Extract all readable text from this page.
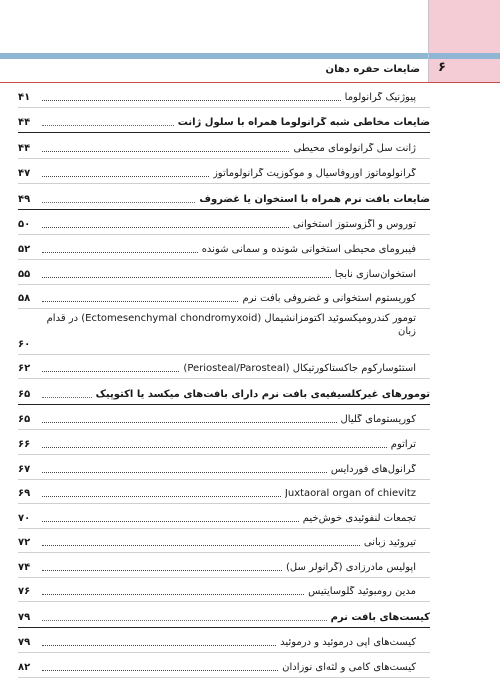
۶
ضایعات حفره دهان
پیوژنیک گرانولوما
۴۱
ضایعات مخاطی شبه گرانولوما همراه با سلول ژانت
۴۴
ژانت سل گرانولومای محیطی
۴۴
گرانولوماتوز اوروفاسیال و موکوزیت گرانولوماتوز
۴۷
ضایعات بافت نرم همراه با استخوان یا غضروف
۴۹
توروس و اگزوستوز استخوانی
۵۰
فیبرومای محیطی اُستخوانی شونده و سمانی شونده
۵۲
استخوان‌سازی نابجا
۵۵
کوریستوم استخوانی و غضروفی بافت نرم
۵۸
تومور کندرومیکسوئید اکتومزانشیمال (Ectomesenchymal chondromyxoid) در قدام زبان
۶۰
استئوسارکوم جاکستاکورتیکال (Periosteal/Parosteal)
۶۲
تومورهای غیرکلسیفیه‌ی بافت نرم دارای بافت‌های میکسد یا اکتوپیک
۶۵
کوریستومای گلیال
۶۵
تراتوم
۶۶
گرانول‌های فوردایس
۶۷
Juxtaoral organ of chievitz
۶۹
تجمعات لنفوئیدی خوش‌خیم
۷۰
تیروئید زبانی
۷۲
اپولیس مادرزادی (گرانولر سل)
۷۴
مدین رومبوئید گلوسایتیس
۷۶
کیست‌های بافت نرم
۷۹
کیست‌های اپی درموئید و درموئید
۷۹
کیست‌های کامی و لثه‌ای نوزادان
۸۲
